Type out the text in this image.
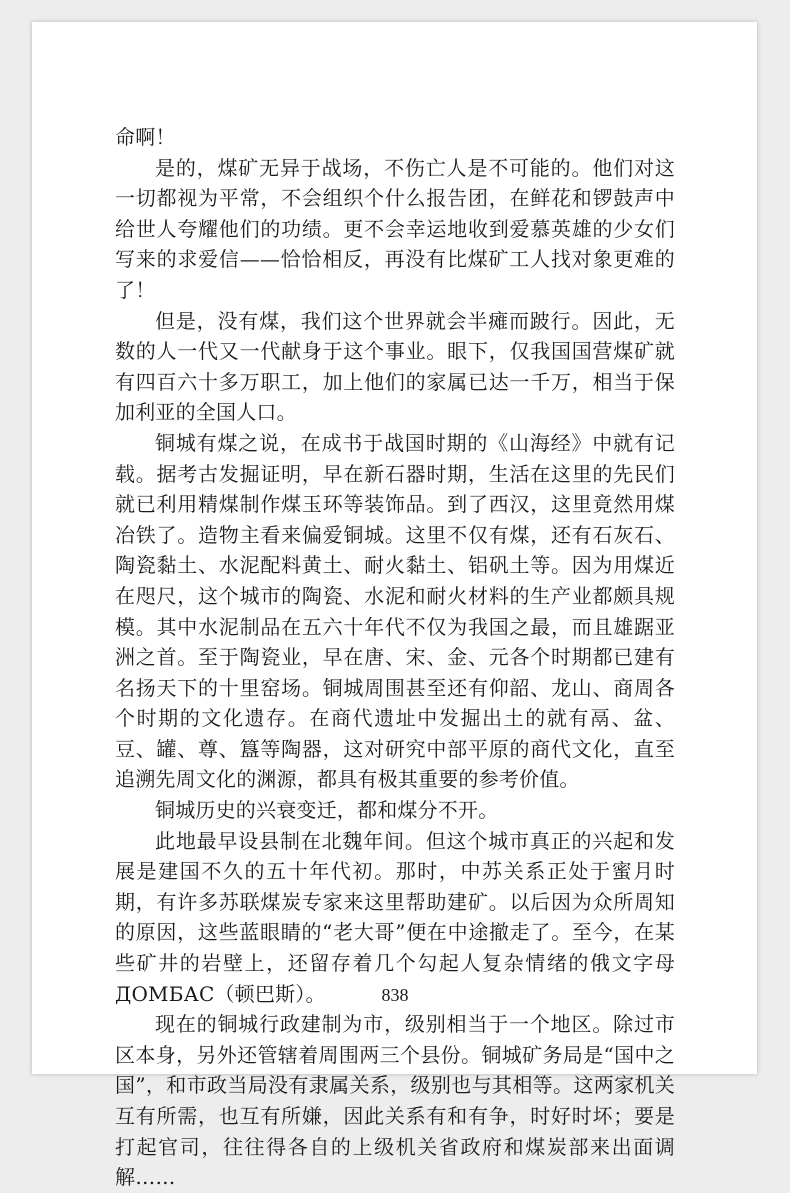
命啊！

是的，煤矿无异于战场，不伤亡人是不可能的。他们对这一切都视为平常，不会组织个什么报告团，在鲜花和锣鼓声中给世人夸耀他们的功绩。更不会幸运地收到爱慕英雄的少女们写来的求爱信——恰恰相反，再没有比煤矿工人找对象更难的了！

但是，没有煤，我们这个世界就会半瘫而跛行。因此，无数的人一代又一代献身于这个事业。眼下，仅我国国营煤矿就有四百六十多万职工，加上他们的家属已达一千万，相当于保加利亚的全国人口。

铜城有煤之说，在成书于战国时期的《山海经》中就有记载。据考古发掘证明，早在新石器时期，生活在这里的先民们就已利用精煤制作煤玉环等装饰品。到了西汉，这里竟然用煤冶铁了。造物主看来偏爱铜城。这里不仅有煤，还有石灰石、陶瓷黏土、水泥配料黄土、耐火黏土、铝矾土等。因为用煤近在咫尺，这个城市的陶瓷、水泥和耐火材料的生产业都颇具规模。其中水泥制品在五六十年代不仅为我国之最，而且雄踞亚洲之首。至于陶瓷业，早在唐、宋、金、元各个时期都已建有名扬天下的十里窑场。铜城周围甚至还有仰韶、龙山、商周各个时期的文化遗存。在商代遗址中发掘出土的就有鬲、盆、豆、罐、尊、簋等陶器，这对研究中部平原的商代文化，直至追溯先周文化的渊源，都具有极其重要的参考价值。

铜城历史的兴衰变迁，都和煤分不开。

此地最早设县制在北魏年间。但这个城市真正的兴起和发展是建国不久的五十年代初。那时，中苏关系正处于蜜月时期，有许多苏联煤炭专家来这里帮助建矿。以后因为众所周知的原因，这些蓝眼睛的“老大哥”便在中途撤走了。至今，在某些矿井的岩壁上，还留存着几个勾起人复杂情绪的俄文字母 ДОМБАС（顿巴斯）。

现在的铜城行政建制为市，级别相当于一个地区。除过市区本身，另外还管辖着周围两三个县份。铜城矿务局是“国中之国”，和市政当局没有隶属关系，级别也与其相等。这两家机关互有所需，也互有所嫌，因此关系有和有争，时好时坏；要是打起官司，往往得各自的上级机关省政府和煤炭部来出面调解……

838
